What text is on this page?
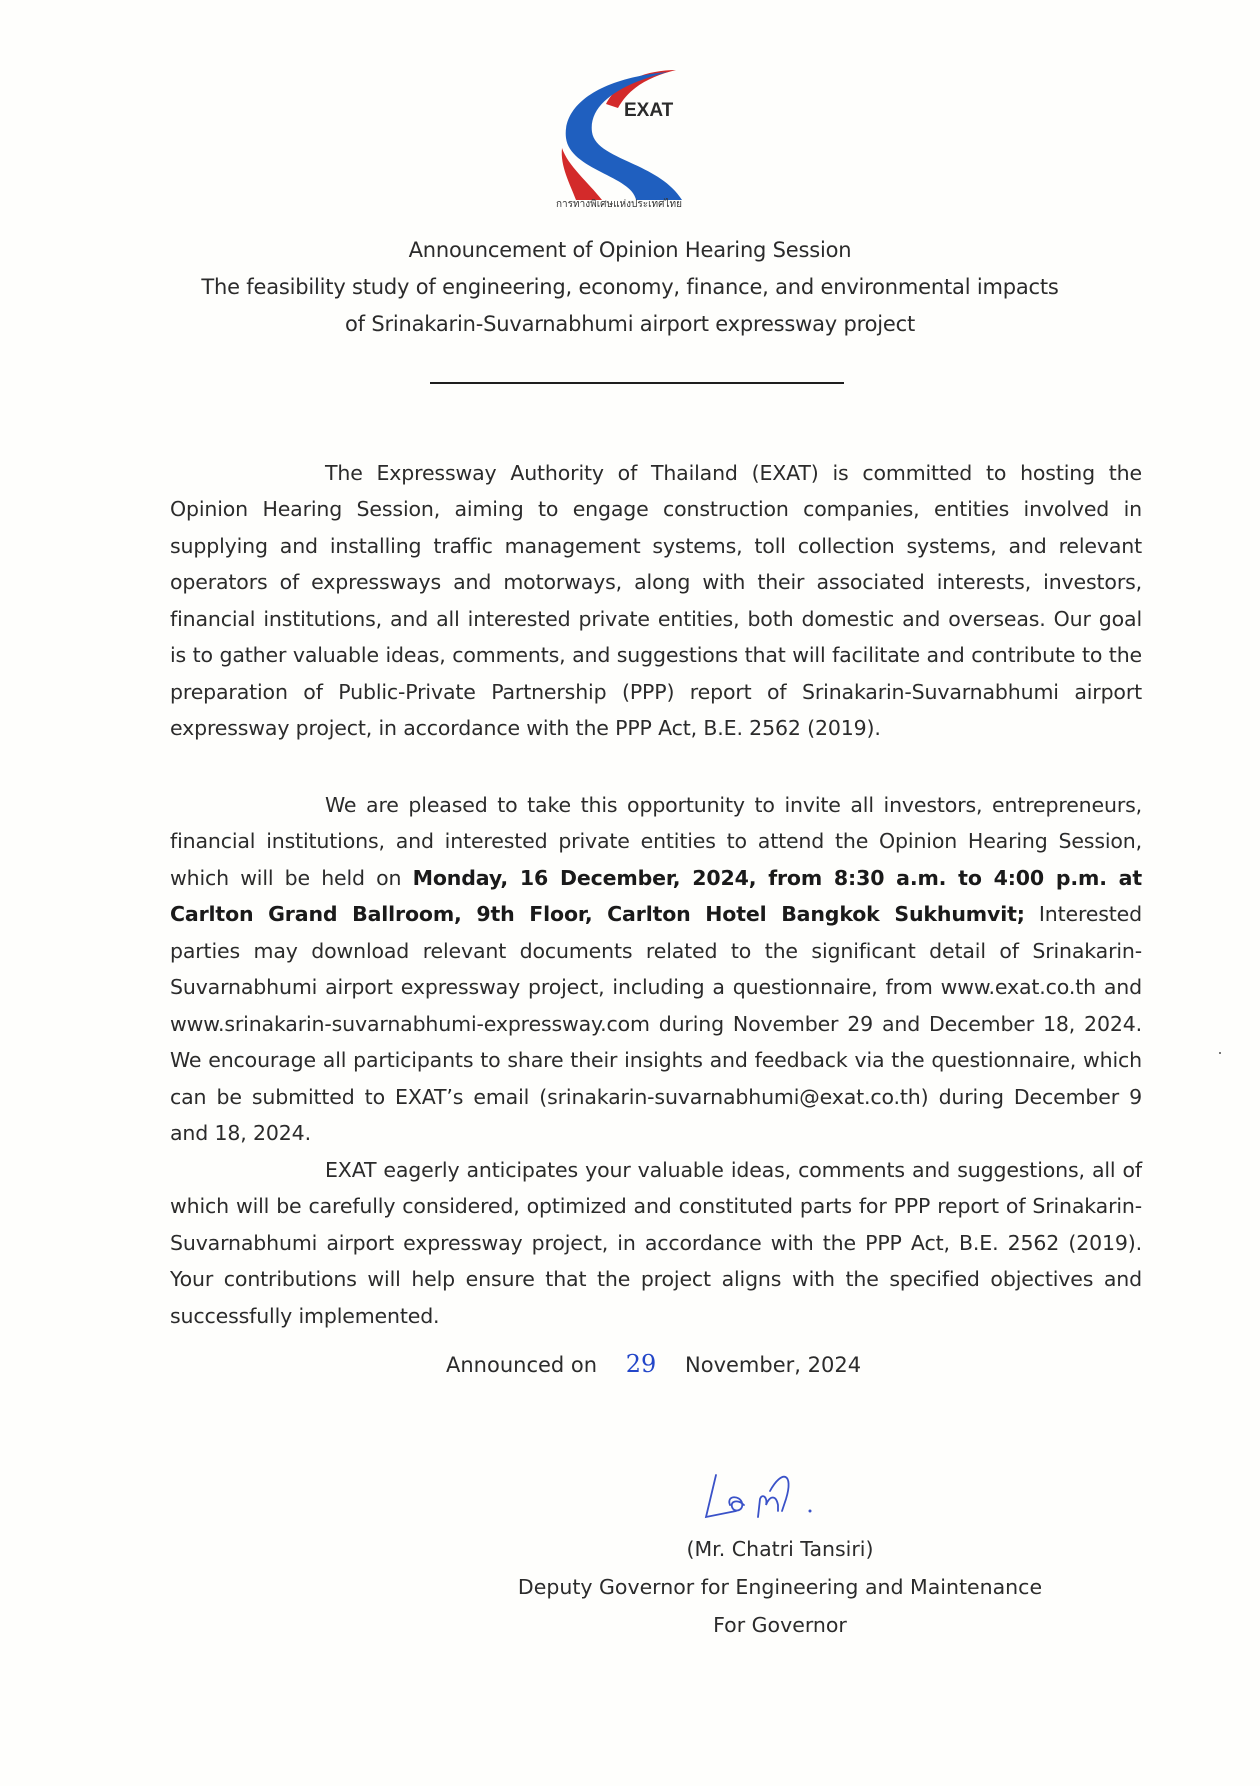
EXAT
การทางพิเศษแห่งประเทศไทย
Announcement of Opinion Hearing Session
The feasibility study of engineering, economy, finance, and environmental impacts
of Srinakarin-Suvarnabhumi airport expressway project

The Expressway Authority of Thailand (EXAT) is committed to hosting the Opinion Hearing Session, aiming to engage construction companies, entities involved in supplying and installing traffic management systems, toll collection systems, and relevant operators of expressways and motorways, along with their associated interests, investors, financial institutions, and all interested private entities, both domestic and overseas. Our goal is to gather valuable ideas, comments, and suggestions that will facilitate and contribute to the preparation of Public-Private Partnership (PPP) report of Srinakarin-Suvarnabhumi airport expressway project, in accordance with the PPP Act, B.E. 2562 (2019).

We are pleased to take this opportunity to invite all investors, entrepreneurs, financial institutions, and interested private entities to attend the Opinion Hearing Session, which will be held on Monday, 16 December, 2024, from 8:30 a.m. to 4:00 p.m. at Carlton Grand Ballroom, 9th Floor, Carlton Hotel Bangkok Sukhumvit; Interested parties may download relevant documents related to the significant detail of Srinakarin-Suvarnabhumi airport expressway project, including a questionnaire, from www.exat.co.th and www.srinakarin-suvarnabhumi-expressway.com during November 29 and December 18, 2024. We encourage all participants to share their insights and feedback via the questionnaire, which can be submitted to EXAT’s email (srinakarin-suvarnabhumi@exat.co.th) during December 9 and 18, 2024.

EXAT eagerly anticipates your valuable ideas, comments and suggestions, all of which will be carefully considered, optimized and constituted parts for PPP report of Srinakarin-Suvarnabhumi airport expressway project, in accordance with the PPP Act, B.E. 2562 (2019). Your contributions will help ensure that the project aligns with the specified objectives and successfully implemented.

Announced on 29 November, 2024
(Mr. Chatri Tansiri)
Deputy Governor for Engineering and Maintenance
For Governor
